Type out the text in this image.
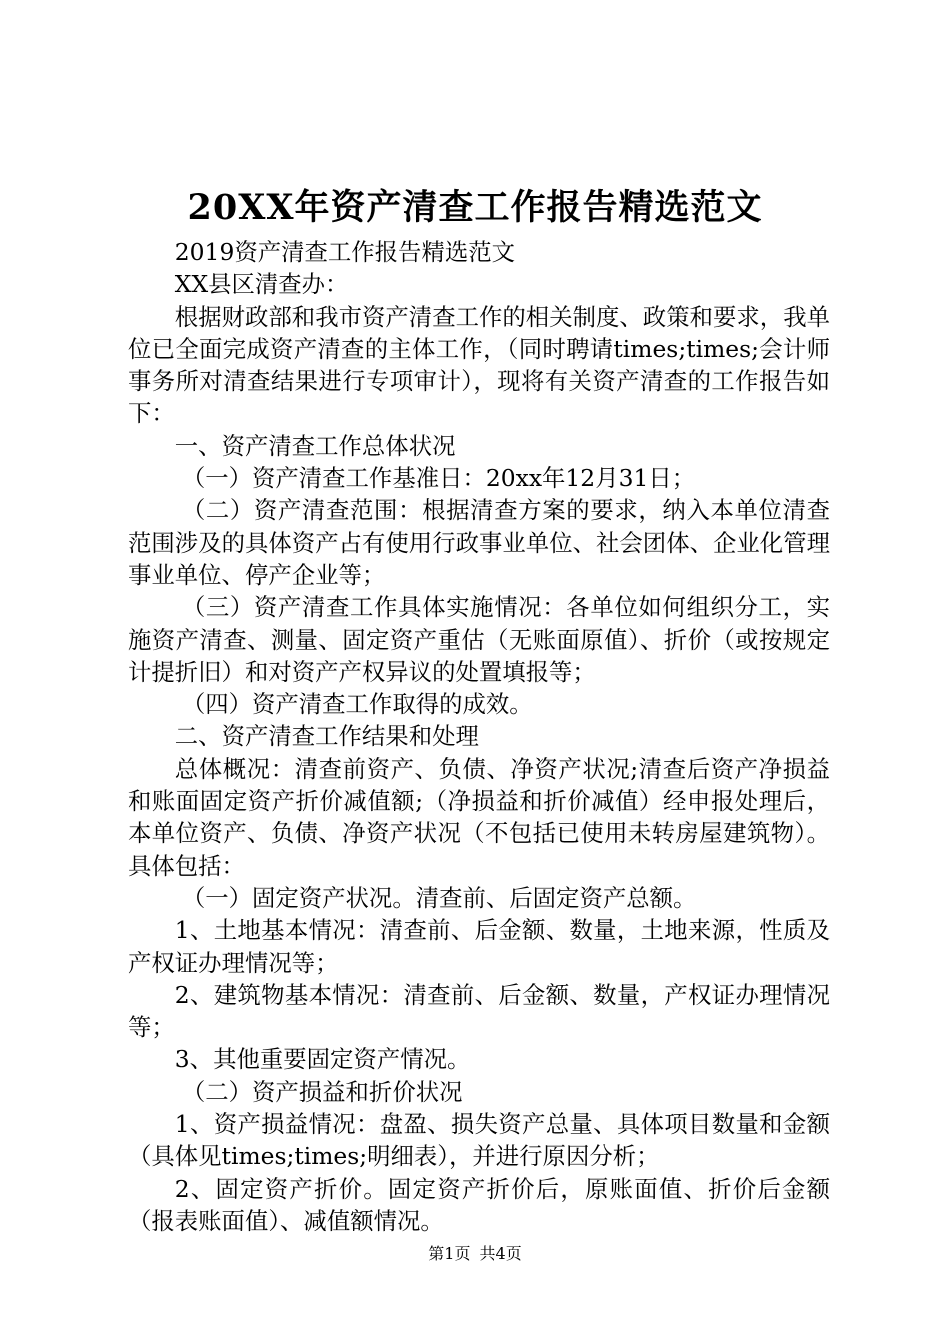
20XX年资产清查工作报告精选范文

2019资产清查工作报告精选范文

XX县区清查办：

根据财政部和我市资产清查工作的相关制度、政策和要求，我单位已全面完成资产清查的主体工作，（同时聘请times;times;会计师事务所对清查结果进行专项审计），现将有关资产清查的工作报告如下：

一、资产清查工作总体状况

（一）资产清查工作基准日：20xx年12月31日；

（二）资产清查范围：根据清查方案的要求，纳入本单位清查范围涉及的具体资产占有使用行政事业单位、社会团体、企业化管理事业单位、停产企业等；

（三）资产清查工作具体实施情况：各单位如何组织分工，实施资产清查、测量、固定资产重估（无账面原值）、折价（或按规定计提折旧）和对资产产权异议的处置填报等；

（四）资产清查工作取得的成效。

二、资产清查工作结果和处理

总体概况：清查前资产、负债、净资产状况;清查后资产净损益和账面固定资产折价减值额;（净损益和折价减值）经申报处理后，本单位资产、负债、净资产状况（不包括已使用未转房屋建筑物）。具体包括：

（一）固定资产状况。清查前、后固定资产总额。

1、土地基本情况：清查前、后金额、数量，土地来源，性质及产权证办理情况等；

2、建筑物基本情况：清查前、后金额、数量，产权证办理情况等；

3、其他重要固定资产情况。

（二）资产损益和折价状况

1、资产损益情况：盘盈、损失资产总量、具体项目数量和金额（具体见times;times;明细表），并进行原因分析；

2、固定资产折价。固定资产折价后，原账面值、折价后金额（报表账面值）、减值额情况。

第1页 共4页
